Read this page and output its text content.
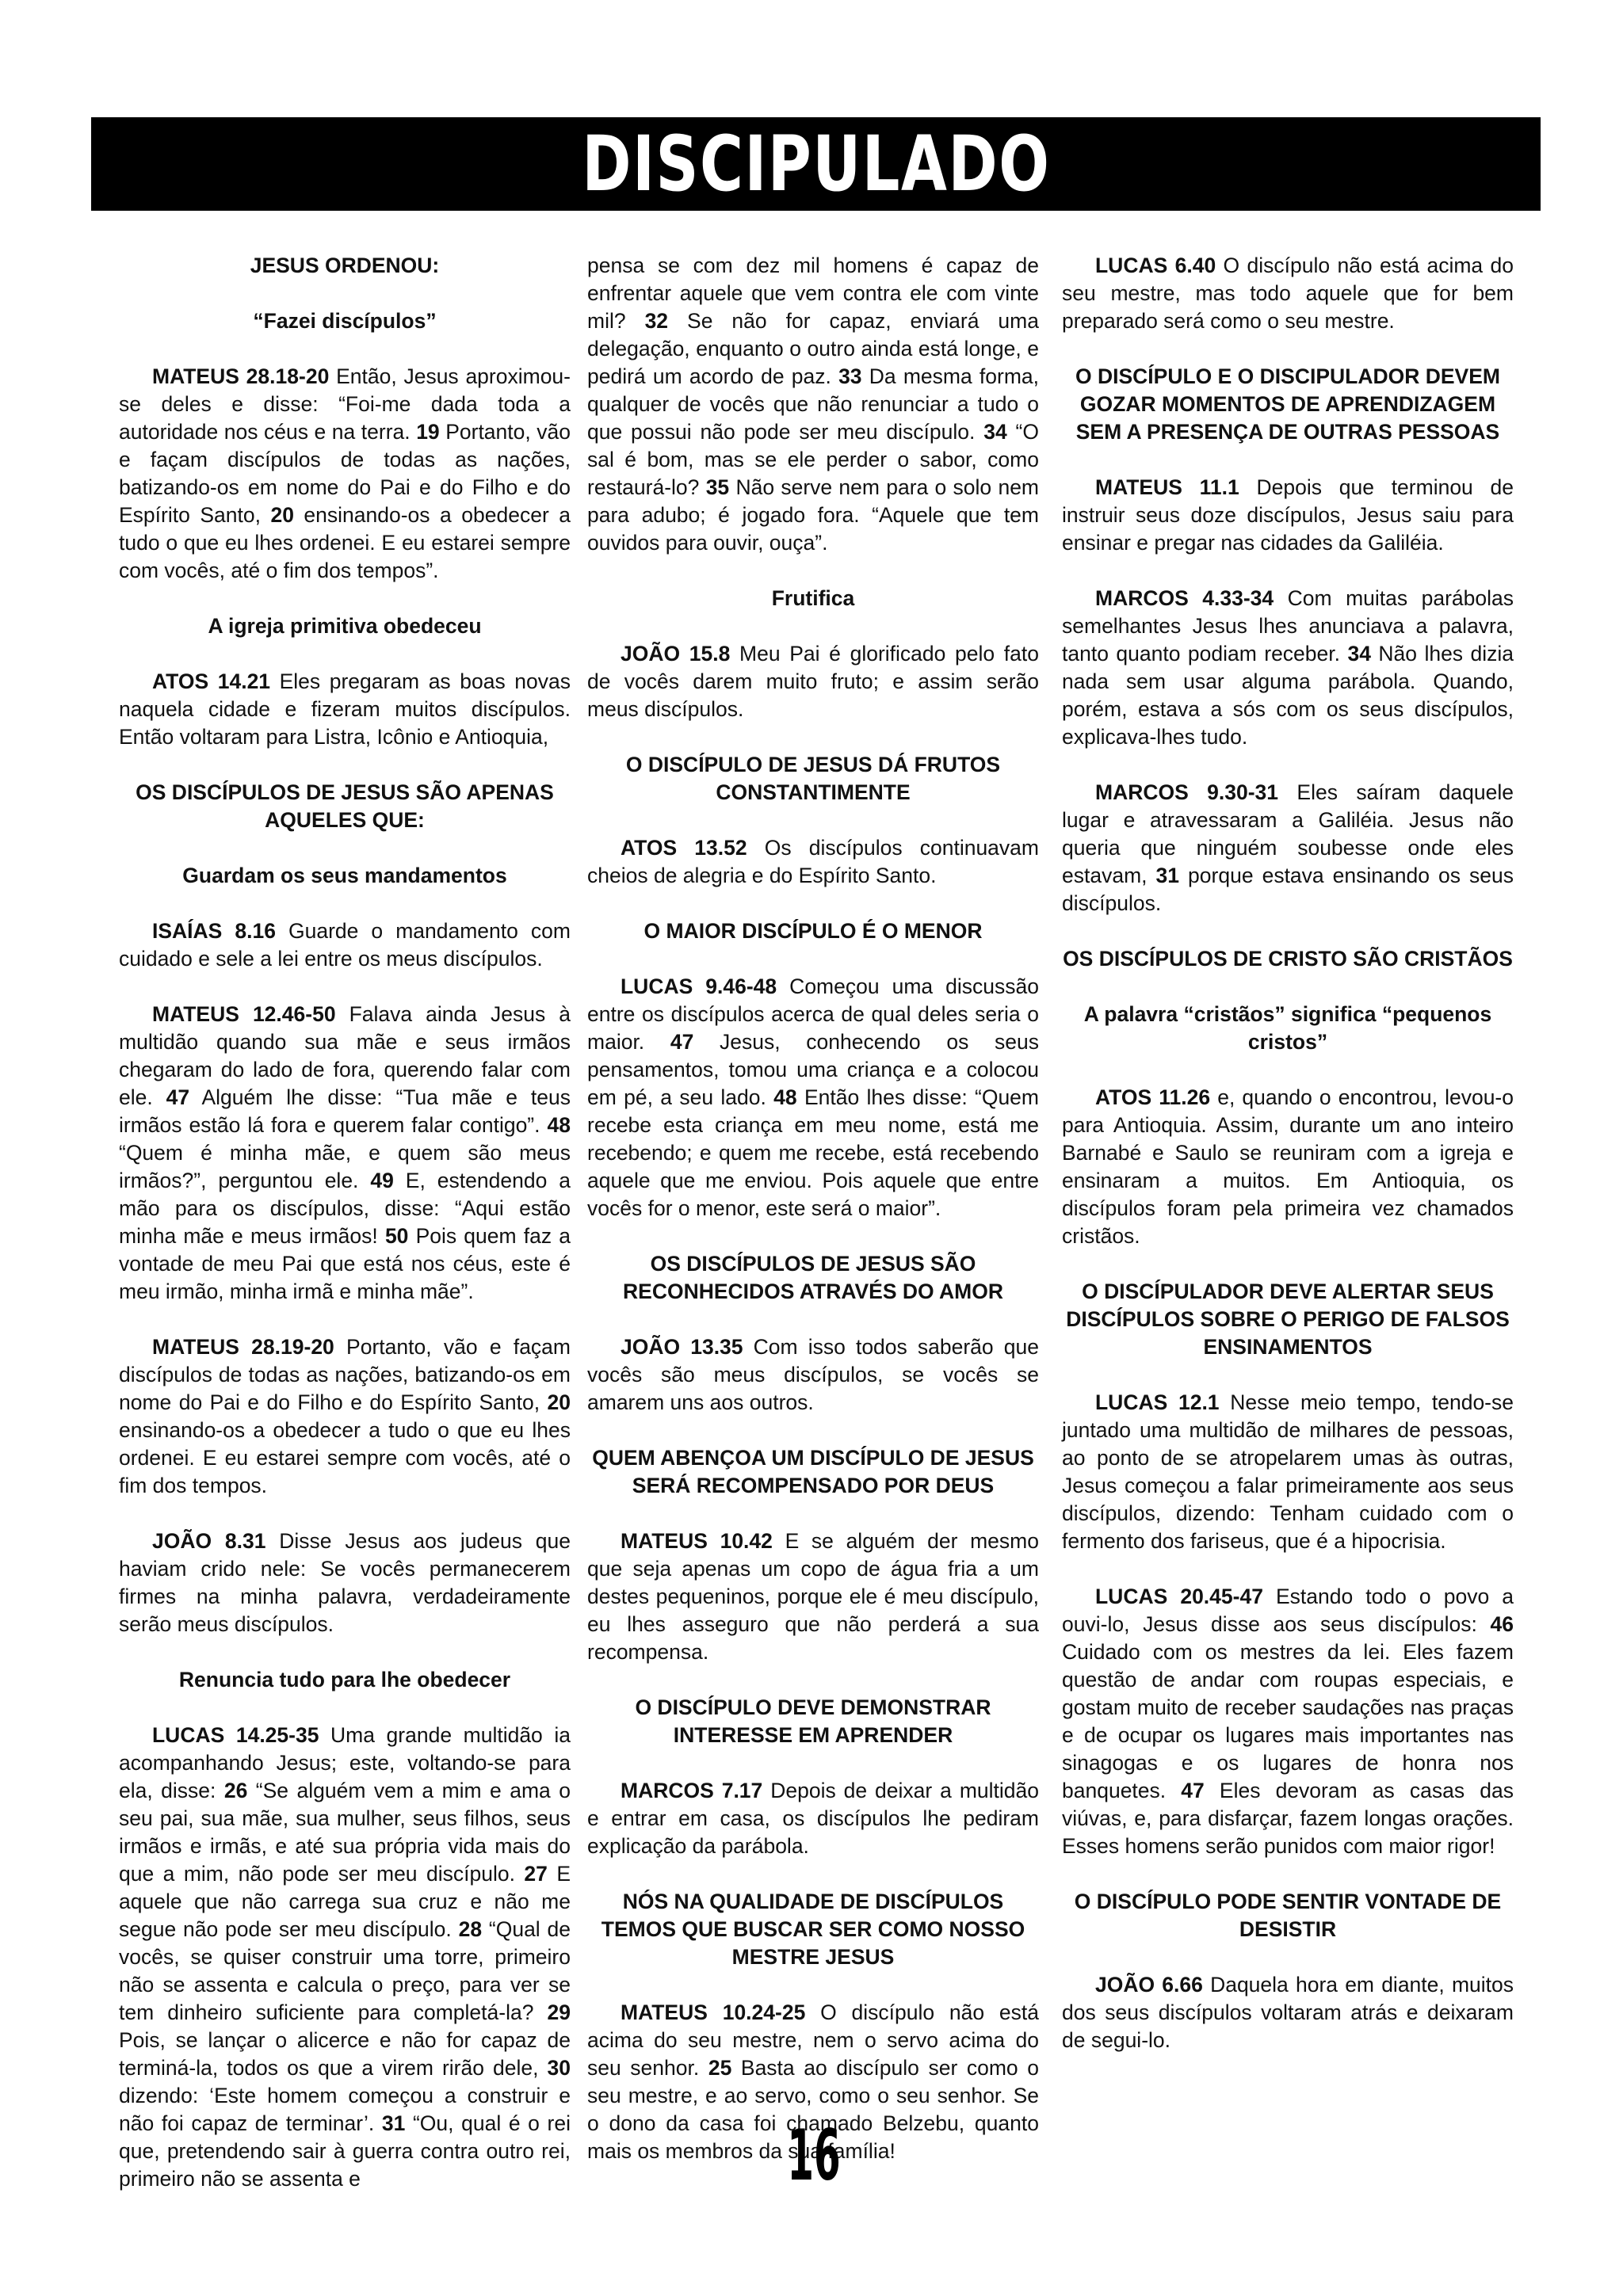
DISCIPULADO
JESUS ORDENOU:
“Fazei discípulos”

MATEUS 28.18-20 Então, Jesus aproximou-se deles e disse: “Foi-me dada toda a autoridade nos céus e na terra. 19 Portanto, vão e façam discípulos de todas as nações, batizando-os em nome do Pai e do Filho e do Espírito Santo, 20 ensinando-os a obedecer a tudo o que eu lhes ordenei. E eu estarei sempre com vocês, até o fim dos tempos”.

A igreja primitiva obedeceu

ATOS 14.21 Eles pregaram as boas novas naquela cidade e fizeram muitos discípulos. Então voltaram para Listra, Icônio e Antioquia,

OS DISCÍPULOS DE JESUS SÃO APENAS AQUELES QUE:
Guardam os seus mandamentos

ISAÍAS 8.16 Guarde o mandamento com cuidado e sele a lei entre os meus discípulos.

MATEUS 12.46-50 Falava ainda Jesus à multidão quando sua mãe e seus irmãos chegaram do lado de fora, querendo falar com ele. 47 Alguém lhe disse: “Tua mãe e teus irmãos estão lá fora e querem falar contigo”. 48 “Quem é minha mãe, e quem são meus irmãos?”, perguntou ele. 49 E, estendendo a mão para os discípulos, disse: “Aqui estão minha mãe e meus irmãos! 50 Pois quem faz a vontade de meu Pai que está nos céus, este é meu irmão, minha irmã e minha mãe”.

MATEUS 28.19-20 Portanto, vão e façam discípulos de todas as nações, batizando-os em nome do Pai e do Filho e do Espírito Santo, 20 ensinando-os a obedecer a tudo o que eu lhes ordenei. E eu estarei sempre com vocês, até o fim dos tempos.

JOÃO 8.31 Disse Jesus aos judeus que haviam crido nele: Se vocês permanecerem firmes na minha palavra, verdadeiramente serão meus discípulos.

Renuncia tudo para lhe obedecer

LUCAS 14.25-35 Uma grande multidão ia acompanhando Jesus; este, voltando-se para ela, disse: 26 “Se alguém vem a mim e ama o seu pai, sua mãe, sua mulher, seus filhos, seus irmãos e irmãs, e até sua própria vida mais do que a mim, não pode ser meu discípulo. 27 E aquele que não carrega sua cruz e não me segue não pode ser meu discípulo. 28 “Qual de vocês, se quiser construir uma torre, primeiro não se assenta e calcula o preço, para ver se tem dinheiro suficiente para completá-la? 29 Pois, se lançar o alicerce e não for capaz de terminá-la, todos os que a virem rirão dele, 30 dizendo: ‘Este homem começou a construir e não foi capaz de terminar’. 31 “Ou, qual é o rei que, pretendendo sair à guerra contra outro rei, primeiro não se assenta e

pensa se com dez mil homens é capaz de enfrentar aquele que vem contra ele com vinte mil? 32 Se não for capaz, enviará uma delegação, enquanto o outro ainda está longe, e pedirá um acordo de paz. 33 Da mesma forma, qualquer de vocês que não renunciar a tudo o que possui não pode ser meu discípulo. 34 “O sal é bom, mas se ele perder o sabor, como restaurá-lo? 35 Não serve nem para o solo nem para adubo; é jogado fora. “Aquele que tem ouvidos para ouvir, ouça”.

Frutifica

JOÃO 15.8 Meu Pai é glorificado pelo fato de vocês darem muito fruto; e assim serão meus discípulos.

O DISCÍPULO DE JESUS DÁ FRUTOS CONSTANTIMENTE

ATOS 13.52 Os discípulos continuavam cheios de alegria e do Espírito Santo.

O MAIOR DISCÍPULO É O MENOR

LUCAS 9.46-48 Começou uma discussão entre os discípulos acerca de qual deles seria o maior. 47 Jesus, conhecendo os seus pensamentos, tomou uma criança e a colocou em pé, a seu lado. 48 Então lhes disse: “Quem recebe esta criança em meu nome, está me recebendo; e quem me recebe, está recebendo aquele que me enviou. Pois aquele que entre vocês for o menor, este será o maior”.

OS DISCÍPULOS DE JESUS SÃO RECONHECIDOS ATRAVÉS DO AMOR

JOÃO 13.35 Com isso todos saberão que vocês são meus discípulos, se vocês se amarem uns aos outros.

QUEM ABENÇOA UM DISCÍPULO DE JESUS SERÁ RECOMPENSADO POR DEUS

MATEUS 10.42 E se alguém der mesmo que seja apenas um copo de água fria a um destes pequeninos, porque ele é meu discípulo, eu lhes asseguro que não perderá a sua recompensa.

O DISCÍPULO DEVE DEMONSTRAR INTERESSE EM APRENDER

MARCOS 7.17 Depois de deixar a multidão e entrar em casa, os discípulos lhe pediram explicação da parábola.

NÓS NA QUALIDADE DE DISCÍPULOS TEMOS QUE BUSCAR SER COMO NOSSO MESTRE JESUS

MATEUS 10.24-25 O discípulo não está acima do seu mestre, nem o servo acima do seu senhor. 25 Basta ao discípulo ser como o seu mestre, e ao servo, como o seu senhor. Se o dono da casa foi chamado Belzebu, quanto mais os membros da sua família!

LUCAS 6.40 O discípulo não está acima do seu mestre, mas todo aquele que for bem preparado será como o seu mestre.

O DISCÍPULO E O DISCIPULADOR DEVEM GOZAR MOMENTOS DE APRENDIZAGEM SEM A PRESENÇA DE OUTRAS PESSOAS

MATEUS 11.1 Depois que terminou de instruir seus doze discípulos, Jesus saiu para ensinar e pregar nas cidades da Galiléia.

MARCOS 4.33-34 Com muitas parábolas semelhantes Jesus lhes anunciava a palavra, tanto quanto podiam receber. 34 Não lhes dizia nada sem usar alguma parábola. Quando, porém, estava a sós com os seus discípulos, explicava-lhes tudo.

MARCOS 9.30-31 Eles saíram daquele lugar e atravessaram a Galiléia. Jesus não queria que ninguém soubesse onde eles estavam, 31 porque estava ensinando os seus discípulos.

OS DISCÍPULOS DE CRISTO SÃO CRISTÃOS
A palavra “cristãos” significa “pequenos cristos”

ATOS 11.26 e, quando o encontrou, levou-o para Antioquia. Assim, durante um ano inteiro Barnabé e Saulo se reuniram com a igreja e ensinaram a muitos. Em Antioquia, os discípulos foram pela primeira vez chamados cristãos.

O DISCÍPULADOR DEVE ALERTAR SEUS DISCÍPULOS SOBRE O PERIGO DE FALSOS ENSINAMENTOS

LUCAS 12.1 Nesse meio tempo, tendo-se juntado uma multidão de milhares de pessoas, ao ponto de se atropelarem umas às outras, Jesus começou a falar primeiramente aos seus discípulos, dizendo: Tenham cuidado com o fermento dos fariseus, que é a hipocrisia.

LUCAS 20.45-47 Estando todo o povo a ouvi-lo, Jesus disse aos seus discípulos: 46 Cuidado com os mestres da lei. Eles fazem questão de andar com roupas especiais, e gostam muito de receber saudações nas praças e de ocupar os lugares mais importantes nas sinagogas e os lugares de honra nos banquetes. 47 Eles devoram as casas das viúvas, e, para disfarçar, fazem longas orações. Esses homens serão punidos com maior rigor!

O DISCÍPULO PODE SENTIR VONTADE DE DESISTIR

JOÃO 6.66 Daquela hora em diante, muitos dos seus discípulos voltaram atrás e deixaram de segui-lo.

16
